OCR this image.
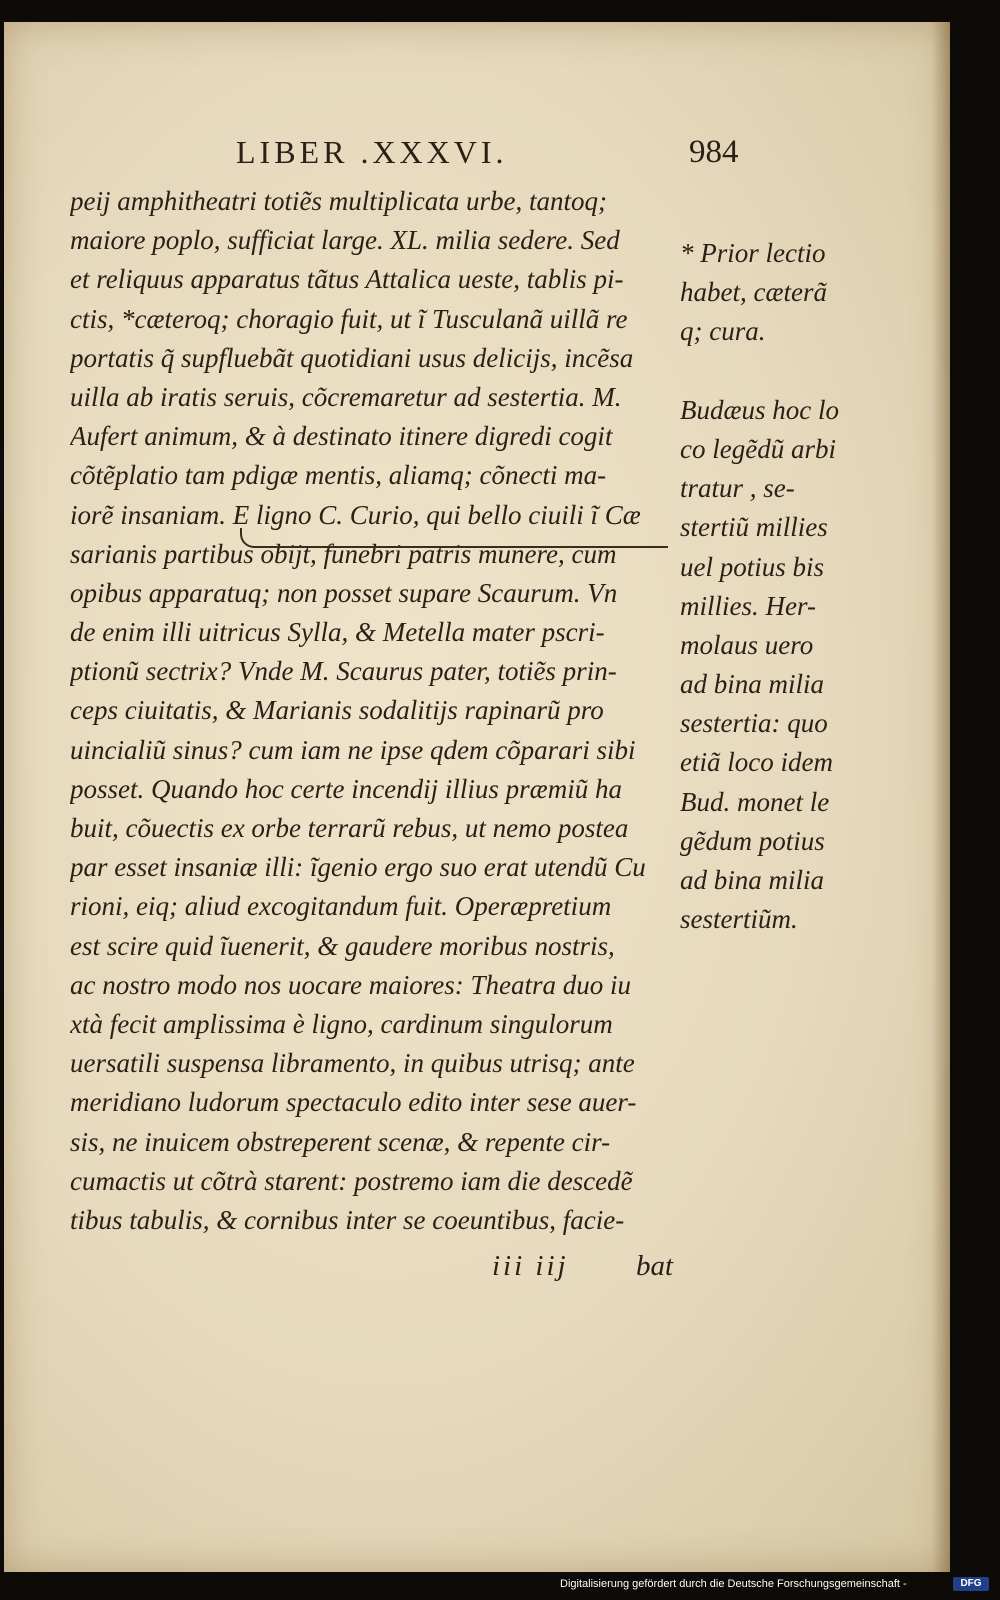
LIBER .XXXVI.	984
peij amphitheatri totiẽs multiplicata urbe, tantoq;
maiore poplo, sufficiat large. XL. milia sedere. Sed
et reliquus apparatus tãtus Attalica ueste, tablis pi-
ctis, *cæteroq; choragio fuit, ut ĩ Tusculanã uillã re
portatis q̃ supfluebãt quotidiani usus delicijs, incẽsa
uilla ab iratis seruis, cõcremaretur ad sestertia. M.
Aufert animum, & à destinato itinere digredi cogit
cõtẽplatio tam pdigæ mentis, aliamq; cõnecti ma-
iorẽ insaniam. E ligno C. Curio, qui bello ciuili ĩ Cæ
sarianis partibus obijt, funebri patris munere, cum
opibus apparatuq; non posset supare Scaurum. Vn
de enim illi uitricus Sylla, & Metella mater pscri-
ptionũ sectrix? Vnde M. Scaurus pater, totiẽs prin-
ceps ciuitatis, & Marianis sodalitijs rapinarũ pro
uincialiũ sinus? cum iam ne ipse qdem cõparari sibi
posset. Quando hoc certe incendij illius præmiũ ha
buit, cõuectis ex orbe terrarũ rebus, ut nemo postea
par esset insaniæ illi: ĩgenio ergo suo erat utendũ Cu
rioni, eiq; aliud excogitandum fuit. Operæpretium
est scire quid ĩuenerit, & gaudere moribus nostris,
ac nostro modo nos uocare maiores: Theatra duo iu
xtà fecit amplissima è ligno, cardinum singulorum
uersatili suspensa libramento, in quibus utrisq; ante
meridiano ludorum spectaculo edito inter sese auer-
sis, ne inuicem obstreperent scenæ, & repente cir-
cumactis ut cõtrà starent: postremo iam die descedẽ
tibus tabulis, & cornibus inter se coeuntibus, facie-
* Prior lectio
habet, cæterã
q; cura.
Budæus hoc lo
co legẽdũ arbi
tratur , se-
stertiũ millies
uel potius bis
millies. Her-
molaus uero
ad bina milia
sestertia: quo
etiã loco idem
Bud. monet le
gẽdum potius
ad bina milia
sestertiũm.
iii iij bat
Digitalisierung gefördert durch die Deutsche Forschungsgemeinschaft -	DFG
